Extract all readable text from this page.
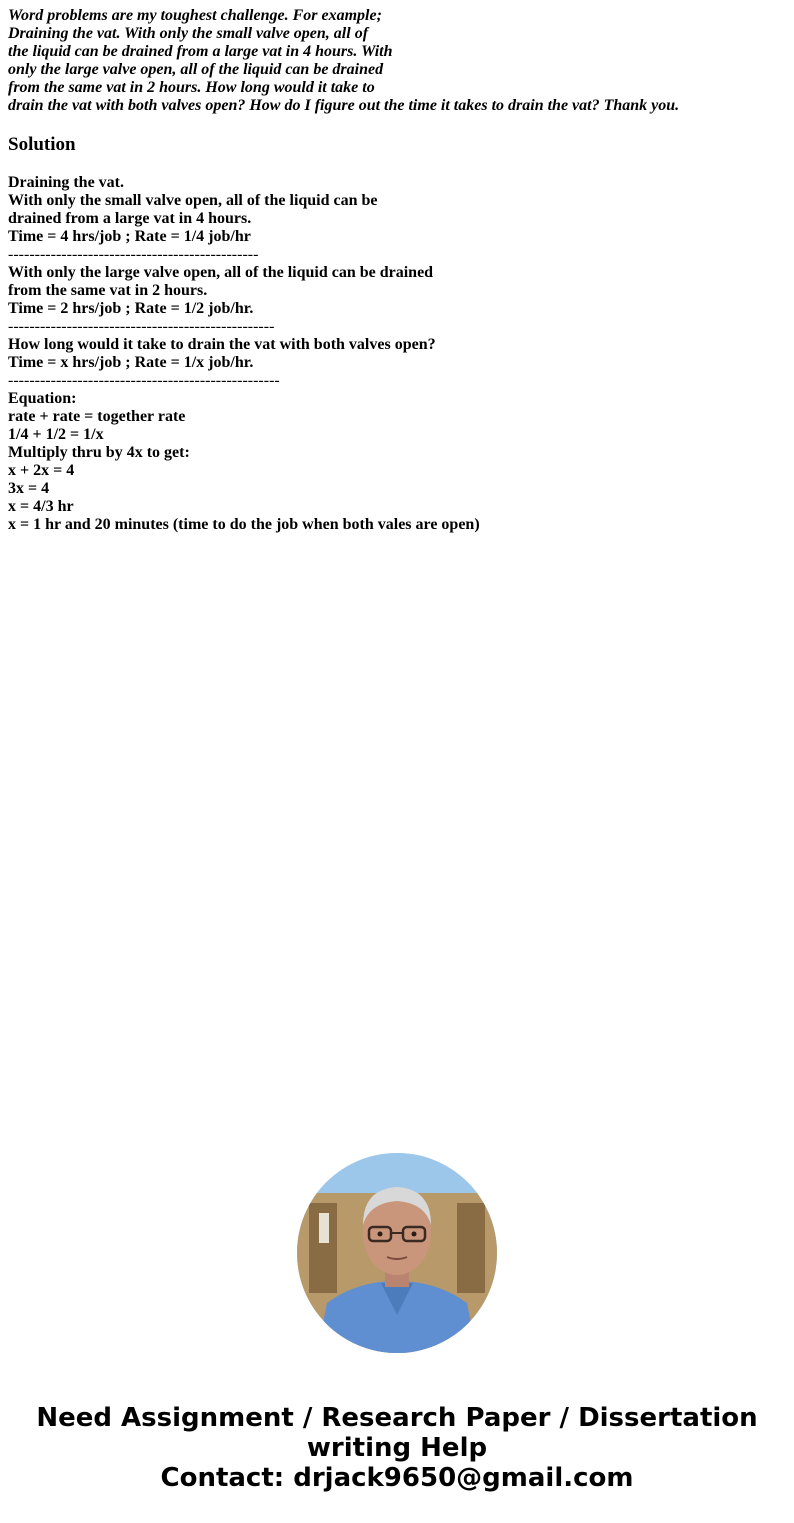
Word problems are my toughest challenge. For example;
Draining the vat. With only the small valve open, all of
the liquid can be drained from a large vat in 4 hours. With
only the large valve open, all of the liquid can be drained
from the same vat in 2 hours. How long would it take to
drain the vat with both valves open? How do I figure out the time it takes to drain the vat? Thank you.
Solution
Draining the vat.
With only the small valve open, all of the liquid can be
drained from a large vat in 4 hours.
Time = 4 hrs/job ; Rate = 1/4 job/hr
-----------------------------------------------
With only the large valve open, all of the liquid can be drained
from the same vat in 2 hours.
Time = 2 hrs/job ; Rate = 1/2 job/hr.
--------------------------------------------------
How long would it take to drain the vat with both valves open?
Time = x hrs/job ; Rate = 1/x job/hr.
---------------------------------------------------
Equation:
rate + rate = together rate
1/4 + 1/2 = 1/x
Multiply thru by 4x to get:
x + 2x = 4
3x = 4
x = 4/3 hr
x = 1 hr and 20 minutes (time to do the job when both vales are open)
Need Assignment / Research Paper / Dissertation
writing Help
Contact: drjack9650@gmail.com
